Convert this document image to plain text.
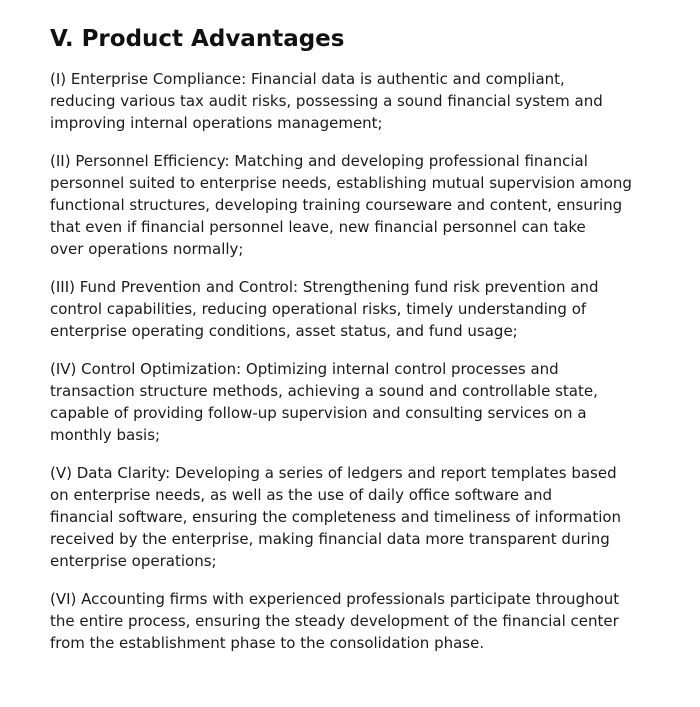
V. Product Advantages
(I) Enterprise Compliance: Financial data is authentic and compliant,
reducing various tax audit risks, possessing a sound financial system and
improving internal operations management;
(II) Personnel Efficiency: Matching and developing professional financial
personnel suited to enterprise needs, establishing mutual supervision among
functional structures, developing training courseware and content, ensuring
that even if financial personnel leave, new financial personnel can take
over operations normally;
(III) Fund Prevention and Control: Strengthening fund risk prevention and
control capabilities, reducing operational risks, timely understanding of
enterprise operating conditions, asset status, and fund usage;
(IV) Control Optimization: Optimizing internal control processes and
transaction structure methods, achieving a sound and controllable state,
capable of providing follow-up supervision and consulting services on a
monthly basis;
(V) Data Clarity: Developing a series of ledgers and report templates based
on enterprise needs, as well as the use of daily office software and
financial software, ensuring the completeness and timeliness of information
received by the enterprise, making financial data more transparent during
enterprise operations;
(VI) Accounting firms with experienced professionals participate throughout
the entire process, ensuring the steady development of the financial center
from the establishment phase to the consolidation phase.
